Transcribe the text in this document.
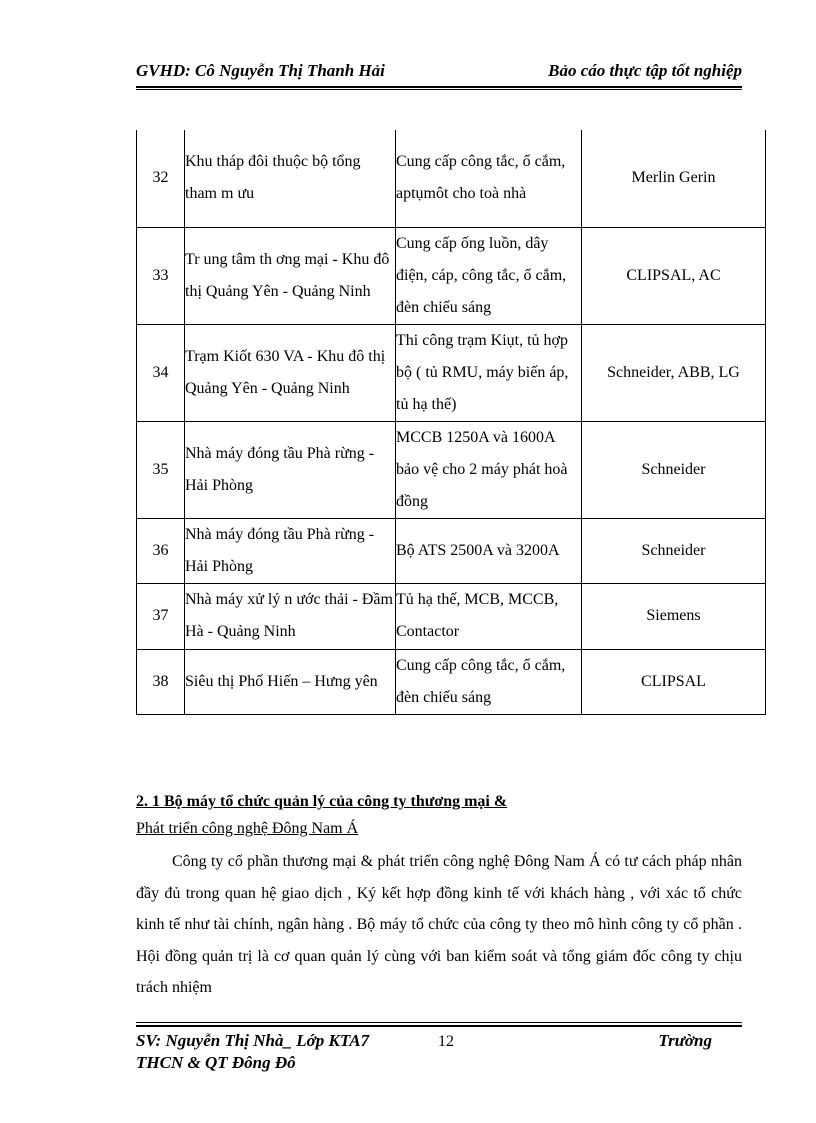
GVHD: Cô Nguyễn Thị Thanh Hải	Bảo cáo thực tập tốt nghiệp
32	Khu tháp đôi thuộc bộ tổng tham m ưu	Cung cấp công tắc, ổ cắm, aptụmôt cho toà nhà	Merlin Gerin
33	Tr ung tâm th ơng mại - Khu đô thị Quảng Yên - Quảng Ninh	Cung cấp ống luồn, dây điện, cáp, công tắc, ổ cắm, đèn chiếu sáng	CLIPSAL, AC
34	Trạm Kiốt 630 VA - Khu đô thị Quảng Yên - Quảng Ninh	Thi công trạm Kiụt, tủ hợp bộ ( tủ RMU, máy biến áp, tủ hạ thế)	Schneider, ABB, LG
35	Nhà máy đóng tầu Phà rừng - Hải Phòng	MCCB 1250A và 1600A bảo vệ cho 2 máy phát hoà đồng	Schneider
36	Nhà máy đóng tầu Phà rừng - Hải Phòng	Bộ ATS 2500A và 3200A	Schneider
37	Nhà máy xử lý n ước thải - Đầm Hà - Quảng Ninh	Tủ hạ thế, MCB, MCCB, Contactor	Siemens
38	Siêu thị Phố Hiến – Hưng yên	Cung cấp công tắc, ổ cắm, đèn chiếu sáng	CLIPSAL
2. 1 Bộ máy tổ chức quản lý của công ty thương mại &
Phát triển công nghệ Đông Nam Á
Công ty cổ phần thương mại & phát triển công nghệ Đông Nam Á có tư cách pháp nhân đầy đủ trong quan hệ giao dịch , Ký kết hợp đồng kinh tế với khách hàng , với xác tổ chức kinh tế như tài chính, ngân hàng . Bộ máy tổ chức của công ty theo mô hình công ty cổ phần . Hội đồng quản trị là cơ quan quản lý cùng với ban kiểm soát và tổng giám đốc công ty chịu trách nhiệm
SV: Nguyễn Thị Nhà_ Lớp KTA7	12	Trường
THCN & QT Đông Đô
